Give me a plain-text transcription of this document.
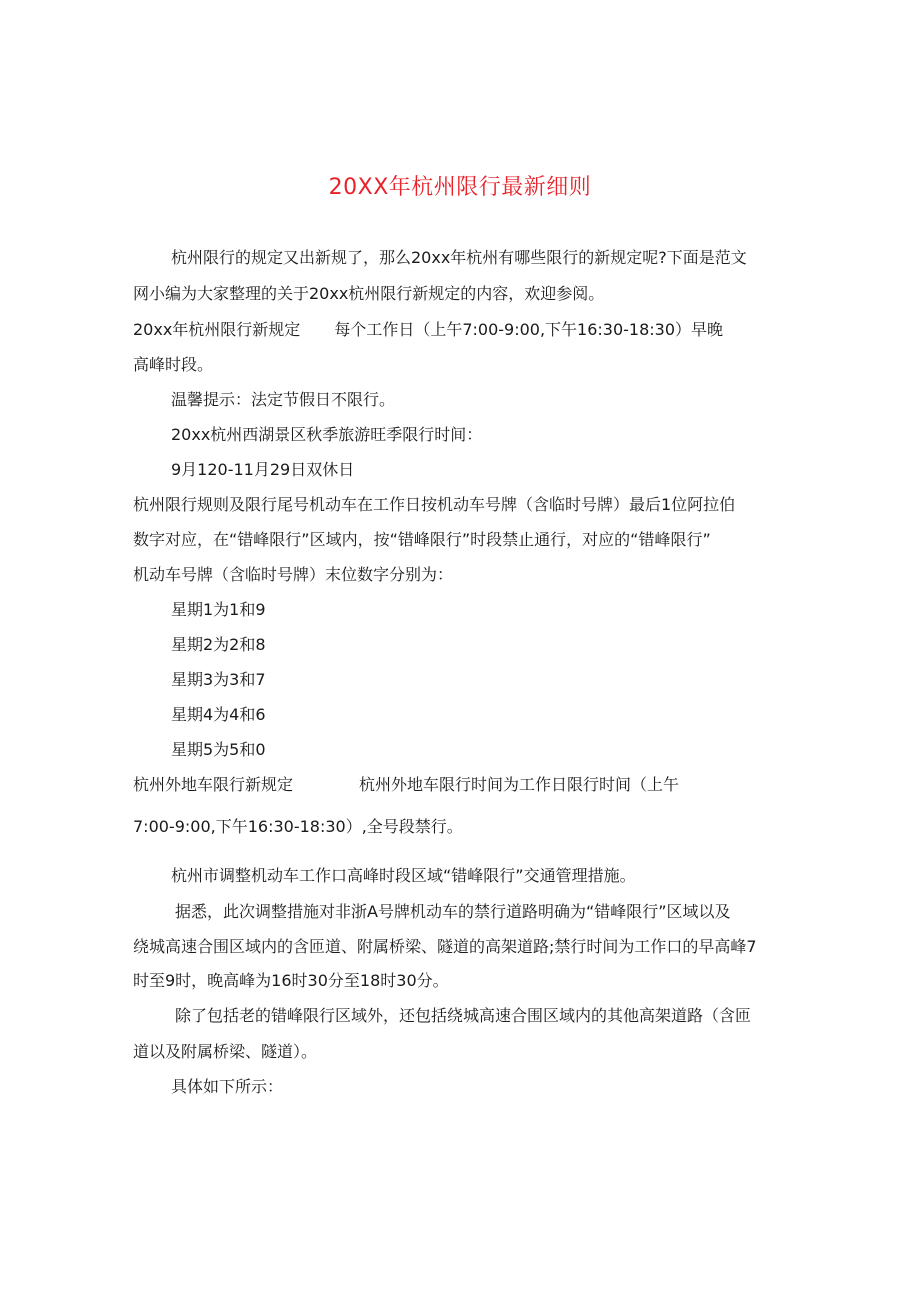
20XX年杭州限行最新细则
杭州限行的规定又出新规了，那么20xx年杭州有哪些限行的新规定呢?下面是范文
网小编为大家整理的关于20xx杭州限行新规定的内容，欢迎参阅。
20xx年杭州限行新规定 每个工作日（上午7:00-9:00,下午16:30-18:30）早晚
高峰时段。
温馨提示：法定节假日不限行。
20xx杭州西湖景区秋季旅游旺季限行时间：
9月120-11月29日双休日
杭州限行规则及限行尾号机动车在工作日按机动车号牌（含临时号牌）最后1位阿拉伯
数字对应，在“错峰限行”区域内，按“错峰限行”时段禁止通行，对应的“错峰限行”
机动车号牌（含临时号牌）末位数字分别为：
星期1为1和9
星期2为2和8
星期3为3和7
星期4为4和6
星期5为5和0
杭州外地车限行新规定	杭州外地车限行时间为工作日限行时间（上午
7:00-9:00,下午16:30-18:30）,全号段禁行。
杭州市调整机动车工作口高峰时段区域“错峰限行”交通管理措施。
据悉，此次调整措施对非浙A号牌机动车的禁行道路明确为“错峰限行”区域以及
绕城高速合围区域内的含匝道、附属桥梁、隧道的高架道路;禁行时间为工作口的早高峰7
时至9时，晚高峰为16时30分至18时30分。
除了包括老的错峰限行区域外，还包括绕城高速合围区域内的其他高架道路（含匝
道以及附属桥梁、隧道）。
具体如下所示：
